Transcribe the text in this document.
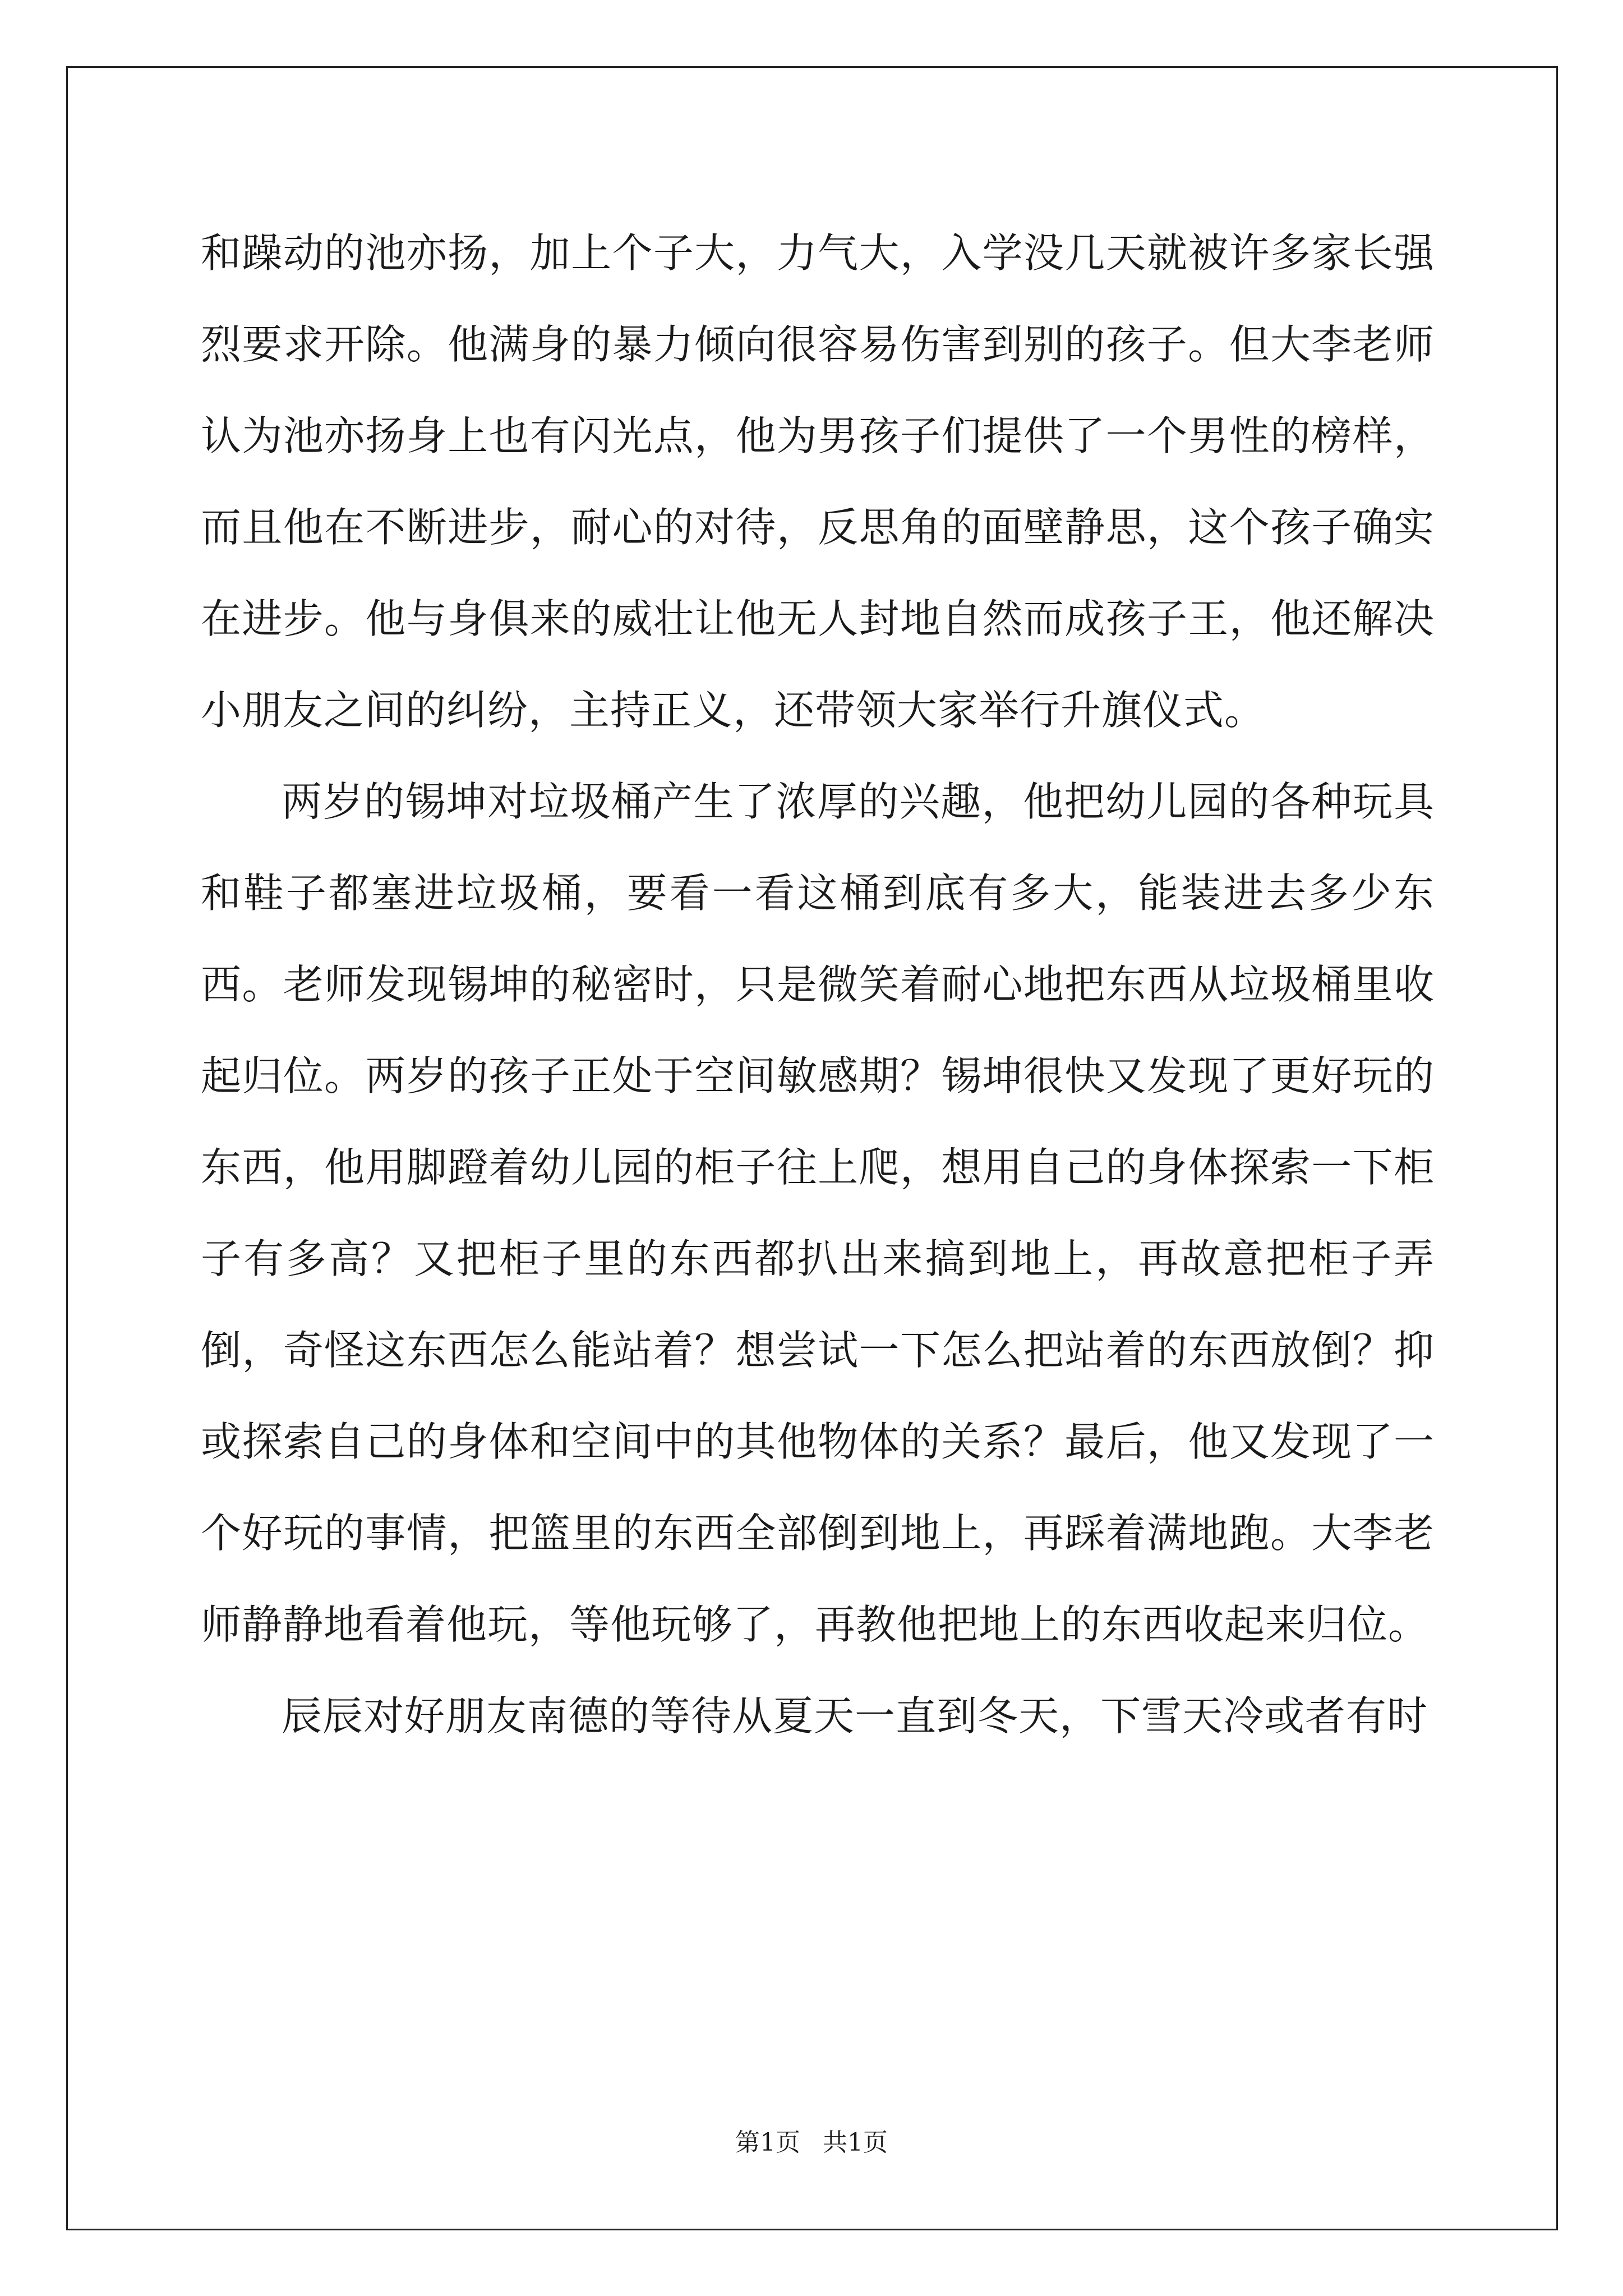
和躁动的池亦扬，加上个子大，力气大，入学没几天就被许多家长强烈要求开除。他满身的暴力倾向很容易伤害到别的孩子。但大李老师认为池亦扬身上也有闪光点，他为男孩子们提供了一个男性的榜样，而且他在不断进步，耐心的对待，反思角的面壁静思，这个孩子确实在进步。他与身俱来的威壮让他无人封地自然而成孩子王，他还解决小朋友之间的纠纷，主持正义，还带领大家举行升旗仪式。

两岁的锡坤对垃圾桶产生了浓厚的兴趣，他把幼儿园的各种玩具和鞋子都塞进垃圾桶，要看一看这桶到底有多大，能装进去多少东西。老师发现锡坤的秘密时，只是微笑着耐心地把东西从垃圾桶里收起归位。两岁的孩子正处于空间敏感期？锡坤很快又发现了更好玩的东西，他用脚蹬着幼儿园的柜子往上爬，想用自己的身体探索一下柜子有多高？又把柜子里的东西都扒出来搞到地上，再故意把柜子弄倒，奇怪这东西怎么能站着？想尝试一下怎么把站着的东西放倒？抑或探索自己的身体和空间中的其他物体的关系？最后，他又发现了一个好玩的事情，把篮里的东西全部倒到地上，再踩着满地跑。大李老师静静地看着他玩，等他玩够了，再教他把地上的东西收起来归位。

辰辰对好朋友南德的等待从夏天一直到冬天，下雪天冷或者有时

第1页 共1页
